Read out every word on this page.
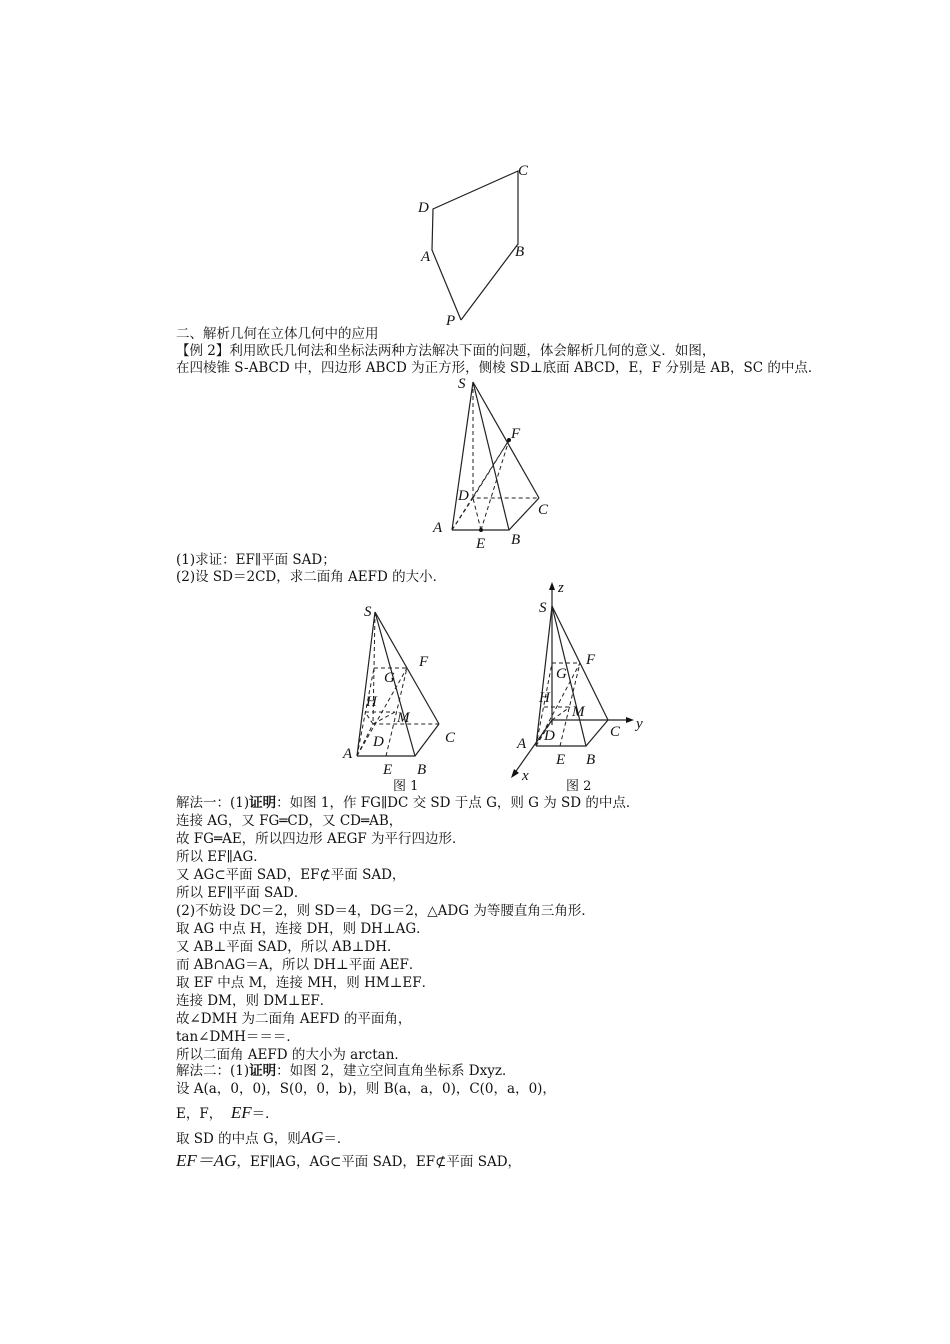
C
D
A	B
P
二、解析几何在立体几何中的应用
【例 2】利用欧氏几何法和坐标法两种方法解决下面的问题，体会解析几何的意义．如图，
在四棱锥 S-ABCD 中，四边形 ABCD 为正方形，侧棱 SD⊥底面 ABCD，E，F 分别是 AB，SC 的中点．
S
F
D
C
A
E B
(1)求证：EF∥平面 SAD；
(2)设 SD＝2CD，求二面角 AEFD 的大小．
S
F
G
H
M
D	C
A
E B
图 1
z
S
F
G
H
M
D	C y
A
E B
x
图 2
解法一：(1)证明：如图 1，作 FG∥DC 交 SD 于点 G，则 G 为 SD 的中点．
连接 AG，又 FG═CD，又 CD═AB，
故 FG═AE，所以四边形 AEGF 为平行四边形．
所以 EF∥AG．
又 AG⊂平面 SAD，EF⊄平面 SAD，
所以 EF∥平面 SAD．
(2)不妨设 DC＝2，则 SD＝4，DG＝2，△ADG 为等腰直角三角形．
取 AG 中点 H，连接 DH，则 DH⊥AG．
又 AB⊥平面 SAD，所以 AB⊥DH．
而 AB∩AG＝A，所以 DH⊥平面 AEF．
取 EF 中点 M，连接 MH，则 HM⊥EF．
连接 DM，则 DM⊥EF．
故∠DMH 为二面角 AEFD 的平面角，
tan∠DMH＝＝＝．
所以二面角 AEFD 的大小为 arctan．
解法二：(1)证明：如图 2，建立空间直角坐标系 Dxyz．
设 A(a，0，0)，S(0，0，b)，则 B(a，a，0)，C(0，a，0)，
E，F， EF＝．
取 SD 的中点 G，则AG＝．
EF＝AG，EF∥AG，AG⊂平面 SAD，EF⊄平面 SAD，
